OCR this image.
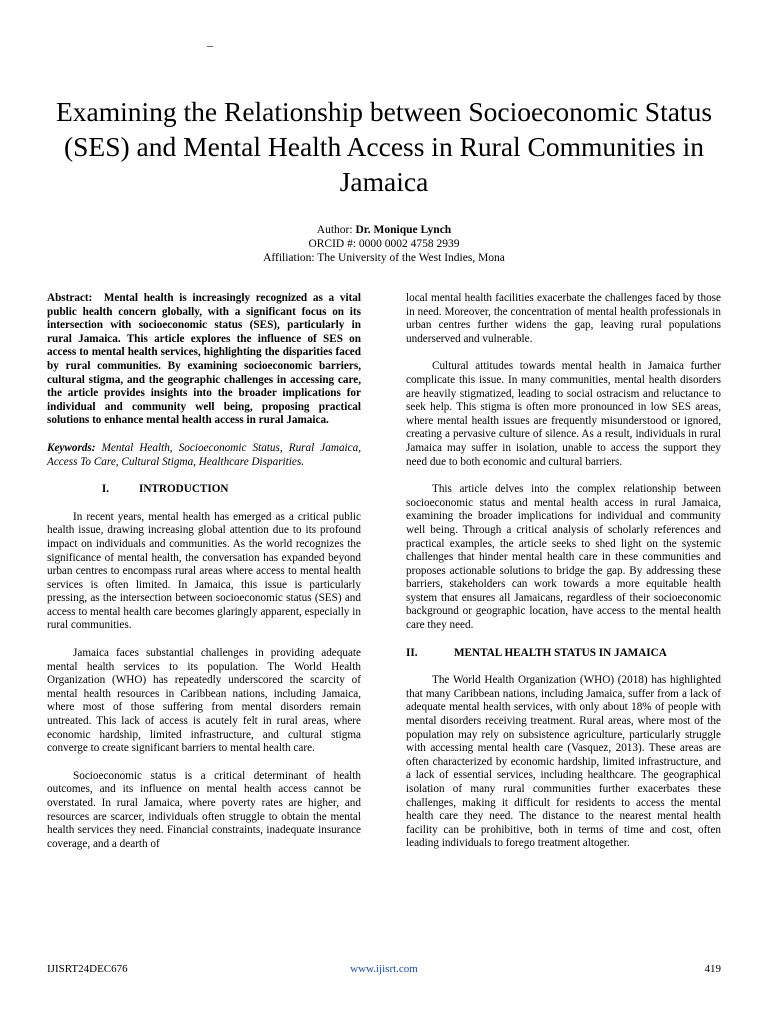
–
Examining the Relationship between Socioeconomic Status (SES) and Mental Health Access in Rural Communities in Jamaica
Author: Dr. Monique Lynch
ORCID #: 0000 0002 4758 2939
Affiliation: The University of the West Indies, Mona

Abstract: Mental health is increasingly recognized as a vital public health concern globally, with a significant focus on its intersection with socioeconomic status (SES), particularly in rural Jamaica. This article explores the influence of SES on access to mental health services, highlighting the disparities faced by rural communities. By examining socioeconomic barriers, cultural stigma, and the geographic challenges in accessing care, the article provides insights into the broader implications for individual and community well being, proposing practical solutions to enhance mental health access in rural Jamaica.

Keywords: Mental Health, Socioeconomic Status, Rural Jamaica, Access To Care, Cultural Stigma, Healthcare Disparities.

I.	INTRODUCTION

In recent years, mental health has emerged as a critical public health issue, drawing increasing global attention due to its profound impact on individuals and communities. As the world recognizes the significance of mental health, the conversation has expanded beyond urban centres to encompass rural areas where access to mental health services is often limited. In Jamaica, this issue is particularly pressing, as the intersection between socioeconomic status (SES) and access to mental health care becomes glaringly apparent, especially in rural communities.

Jamaica faces substantial challenges in providing adequate mental health services to its population. The World Health Organization (WHO) has repeatedly underscored the scarcity of mental health resources in Caribbean nations, including Jamaica, where most of those suffering from mental disorders remain untreated. This lack of access is acutely felt in rural areas, where economic hardship, limited infrastructure, and cultural stigma converge to create significant barriers to mental health care.

Socioeconomic status is a critical determinant of health outcomes, and its influence on mental health access cannot be overstated. In rural Jamaica, where poverty rates are higher, and resources are scarcer, individuals often struggle to obtain the mental health services they need. Financial constraints, inadequate insurance coverage, and a dearth of

local mental health facilities exacerbate the challenges faced by those in need. Moreover, the concentration of mental health professionals in urban centres further widens the gap, leaving rural populations underserved and vulnerable.

Cultural attitudes towards mental health in Jamaica further complicate this issue. In many communities, mental health disorders are heavily stigmatized, leading to social ostracism and reluctance to seek help. This stigma is often more pronounced in low SES areas, where mental health issues are frequently misunderstood or ignored, creating a pervasive culture of silence. As a result, individuals in rural Jamaica may suffer in isolation, unable to access the support they need due to both economic and cultural barriers.

This article delves into the complex relationship between socioeconomic status and mental health access in rural Jamaica, examining the broader implications for individual and community well being. Through a critical analysis of scholarly references and practical examples, the article seeks to shed light on the systemic challenges that hinder mental health care in these communities and proposes actionable solutions to bridge the gap. By addressing these barriers, stakeholders can work towards a more equitable health system that ensures all Jamaicans, regardless of their socioeconomic background or geographic location, have access to the mental health care they need.

II.	MENTAL HEALTH STATUS IN JAMAICA

The World Health Organization (WHO) (2018) has highlighted that many Caribbean nations, including Jamaica, suffer from a lack of adequate mental health services, with only about 18% of people with mental disorders receiving treatment. Rural areas, where most of the population may rely on subsistence agriculture, particularly struggle with accessing mental health care (Vasquez, 2013). These areas are often characterized by economic hardship, limited infrastructure, and a lack of essential services, including healthcare. The geographical isolation of many rural communities further exacerbates these challenges, making it difficult for residents to access the mental health care they need. The distance to the nearest mental health facility can be prohibitive, both in terms of time and cost, often leading individuals to forego treatment altogether.

IJISRT24DEC676	www.ijisrt.com	419
